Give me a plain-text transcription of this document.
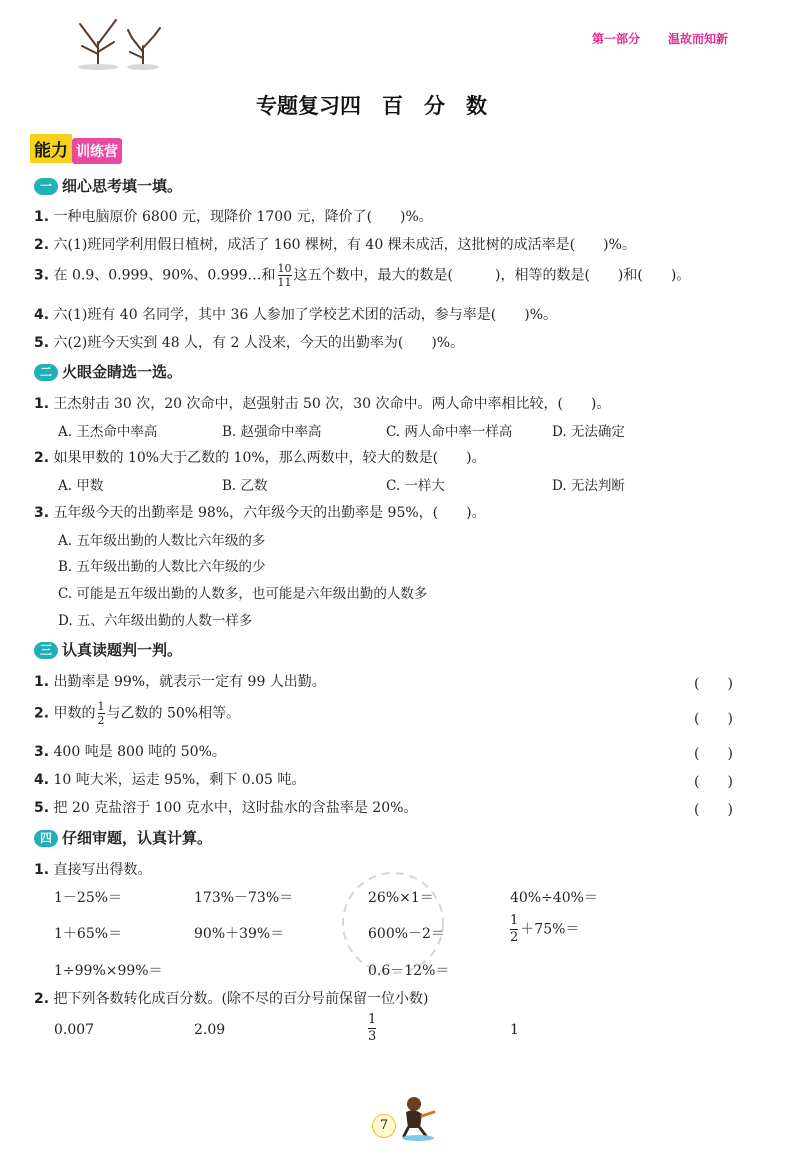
第一部分 温故而知新
专题复习四　百　分　数
能力 训练营
一 细心思考填一填。
1. 一种电脑原价 6800 元，现降价 1700 元，降价了(　　)%。
2. 六(1)班同学利用假日植树，成活了 160 棵树，有 40 棵未成活，这批树的成活率是(　　)%。
3. 在 0.9、0.999、90%、0.999…和 $\frac{10}{11}$ 这五个数中，最大的数是(　　　)，相等的数是(　　)和(　　)。
4. 六(1)班有 40 名同学，其中 36 人参加了学校艺术团的活动，参与率是(　　)%。
5. 六(2)班今天实到 48 人，有 2 人没来，今天的出勤率为(　　)%。
二 火眼金睛选一选。
1. 王杰射击 30 次，20 次命中，赵强射击 50 次，30 次命中。两人命中率相比较，(　　)。
A. 王杰命中率高	B. 赵强命中率高	C. 两人命中率一样高	D. 无法确定
2. 如果甲数的 10%大于乙数的 10%，那么两数中，较大的数是(　　)。
A. 甲数	B. 乙数	C. 一样大	D. 无法判断
3. 五年级今天的出勤率是 98%，六年级今天的出勤率是 95%，(　　)。
A. 五年级出勤的人数比六年级的多
B. 五年级出勤的人数比六年级的少
C. 可能是五年级出勤的人数多，也可能是六年级出勤的人数多
D. 五、六年级出勤的人数一样多
三 认真读题判一判。
1. 出勤率是 99%，就表示一定有 99 人出勤。	(　　)
2. 甲数的 $\frac{1}{2}$ 与乙数的 50%相等。	(　　)
3. 400 吨是 800 吨的 50%。	(　　)
4. 10 吨大米，运走 95%，剩下 0.05 吨。	(　　)
5. 把 20 克盐溶于 100 克水中，这时盐水的含盐率是 20%。	(　　)
四 仔细审题，认真计算。
1. 直接写出得数。
1－25%＝	173%－73%＝	26%×1＝	40%÷40%＝
1＋65%＝	90%＋39%＝	600%－2＝	$\frac{1}{2} +75\%=$
1÷99%×99%＝	0.6－12%＝
2. 把下列各数转化成百分数。(除不尽的百分号前保留一位小数)
0.007	2.09	$\frac{1}{3}$	1
7
